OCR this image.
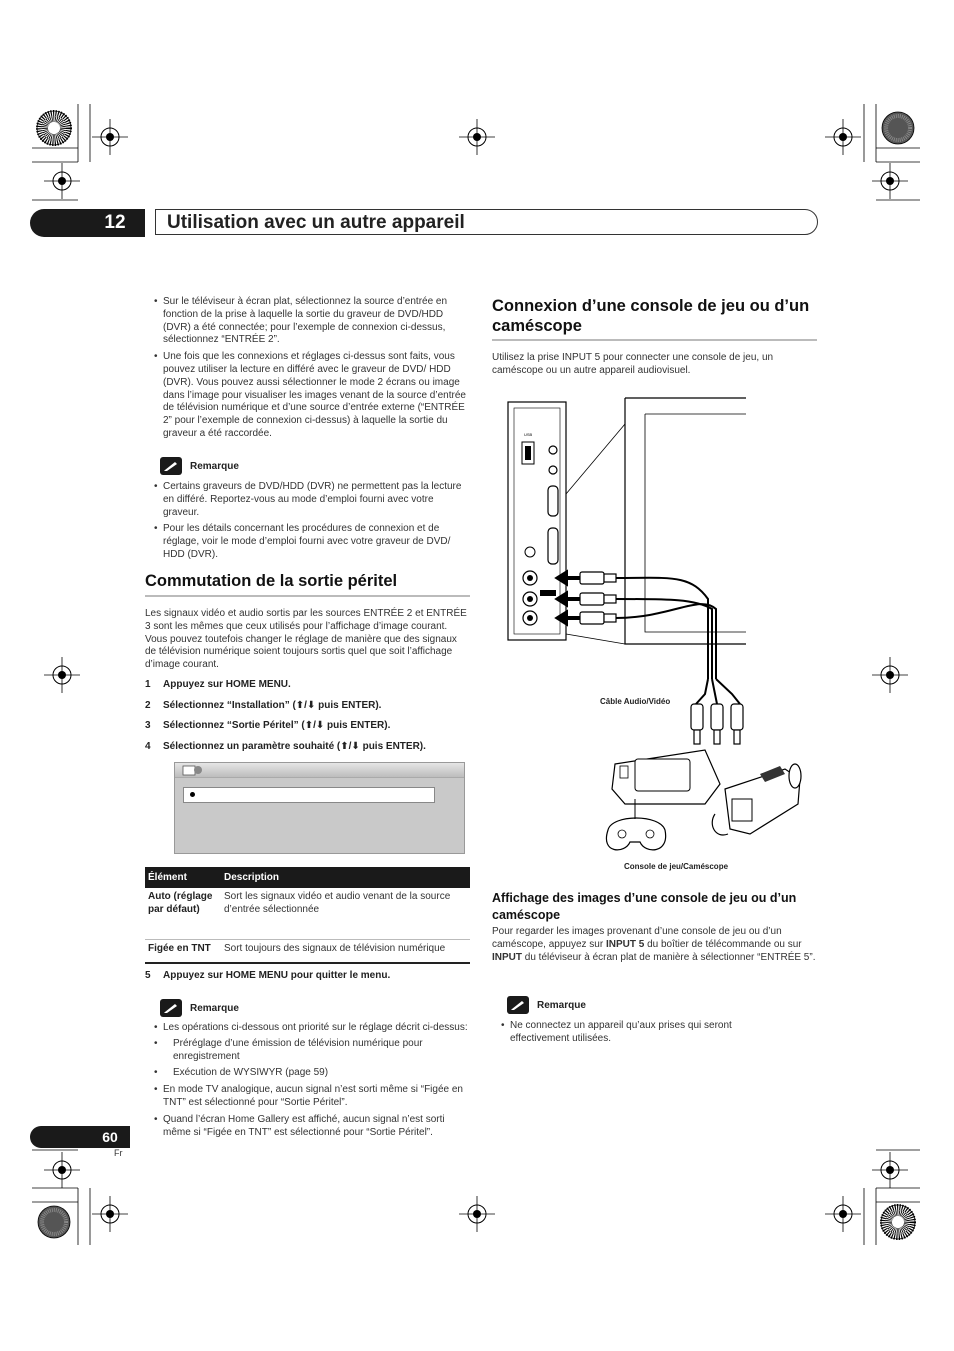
12	Utilisation avec un autre appareil
• Sur le téléviseur à écran plat, sélectionnez la source d’entrée en fonction de la prise à laquelle la sortie du graveur de DVD/HDD (DVR) a été connectée; pour l’exemple de connexion ci-dessus, sélectionnez “ENTRÉE 2”.
• Une fois que les connexions et réglages ci-dessus sont faits, vous pouvez utiliser la lecture en différé avec le graveur de DVD/ HDD (DVR). Vous pouvez aussi sélectionner le mode 2 écrans ou image dans l’image pour visualiser les images venant de la source d’entrée de télévision numérique et d’une source d’entrée externe (“ENTRÉE 2” pour l’exemple de connexion ci-dessus) à laquelle la sortie du graveur a été raccordée.
Remarque
• Certains graveurs de DVD/HDD (DVR) ne permettent pas la lecture en différé. Reportez-vous au mode d’emploi fourni avec votre graveur.
• Pour les détails concernant les procédures de connexion et de réglage, voir le mode d’emploi fourni avec votre graveur de DVD/ HDD (DVR).
Commutation de la sortie péritel
Les signaux vidéo et audio sortis par les sources ENTRÉE 2 et ENTRÉE 3 sont les mêmes que ceux utilisés pour l’affichage d’image courant. Vous pouvez toutefois changer le réglage de manière que des signaux de télévision numérique soient toujours sortis quel que soit l’affichage d’image courant.
1 Appuyez sur HOME MENU.
2 Sélectionnez “Installation” (⬆/⬇ puis ENTER).
3 Sélectionnez “Sortie Péritel” (⬆/⬇ puis ENTER).
4 Sélectionnez un paramètre souhaité (⬆/⬇ puis ENTER).
Élément	Description
Auto (réglage par défaut)	Sort les signaux vidéo et audio venant de la source d’entrée sélectionnée
Figée en TNT	Sort toujours des signaux de télévision numérique
5 Appuyez sur HOME MENU pour quitter le menu.
Remarque
• Les opérations ci-dessous ont priorité sur le réglage décrit ci-dessus:
• Préréglage d’une émission de télévision numérique pour enregistrement
• Exécution de WYSIWYR (page 59)
• En mode TV analogique, aucun signal n’est sorti même si “Figée en TNT” est sélectionné pour “Sortie Péritel”.
• Quand l’écran Home Gallery est affiché, aucun signal n’est sorti même si “Figée en TNT” est sélectionné pour “Sortie Péritel”.
Connexion d’une console de jeu ou d’un caméscope
Utilisez la prise INPUT 5 pour connecter une console de jeu, un caméscope ou un autre appareil audiovisuel.
USB
Câble Audio/Vidéo
Console de jeu/Caméscope
Affichage des images d’une console de jeu ou d’un caméscope
Pour regarder les images provenant d’une console de jeu ou d’un caméscope, appuyez sur INPUT 5 du boîtier de télécommande ou sur INPUT du téléviseur à écran plat de manière à sélectionner “ENTRÉE 5”.
Remarque
• Ne connectez un appareil qu’aux prises qui seront effectivement utilisées.
60
Fr
